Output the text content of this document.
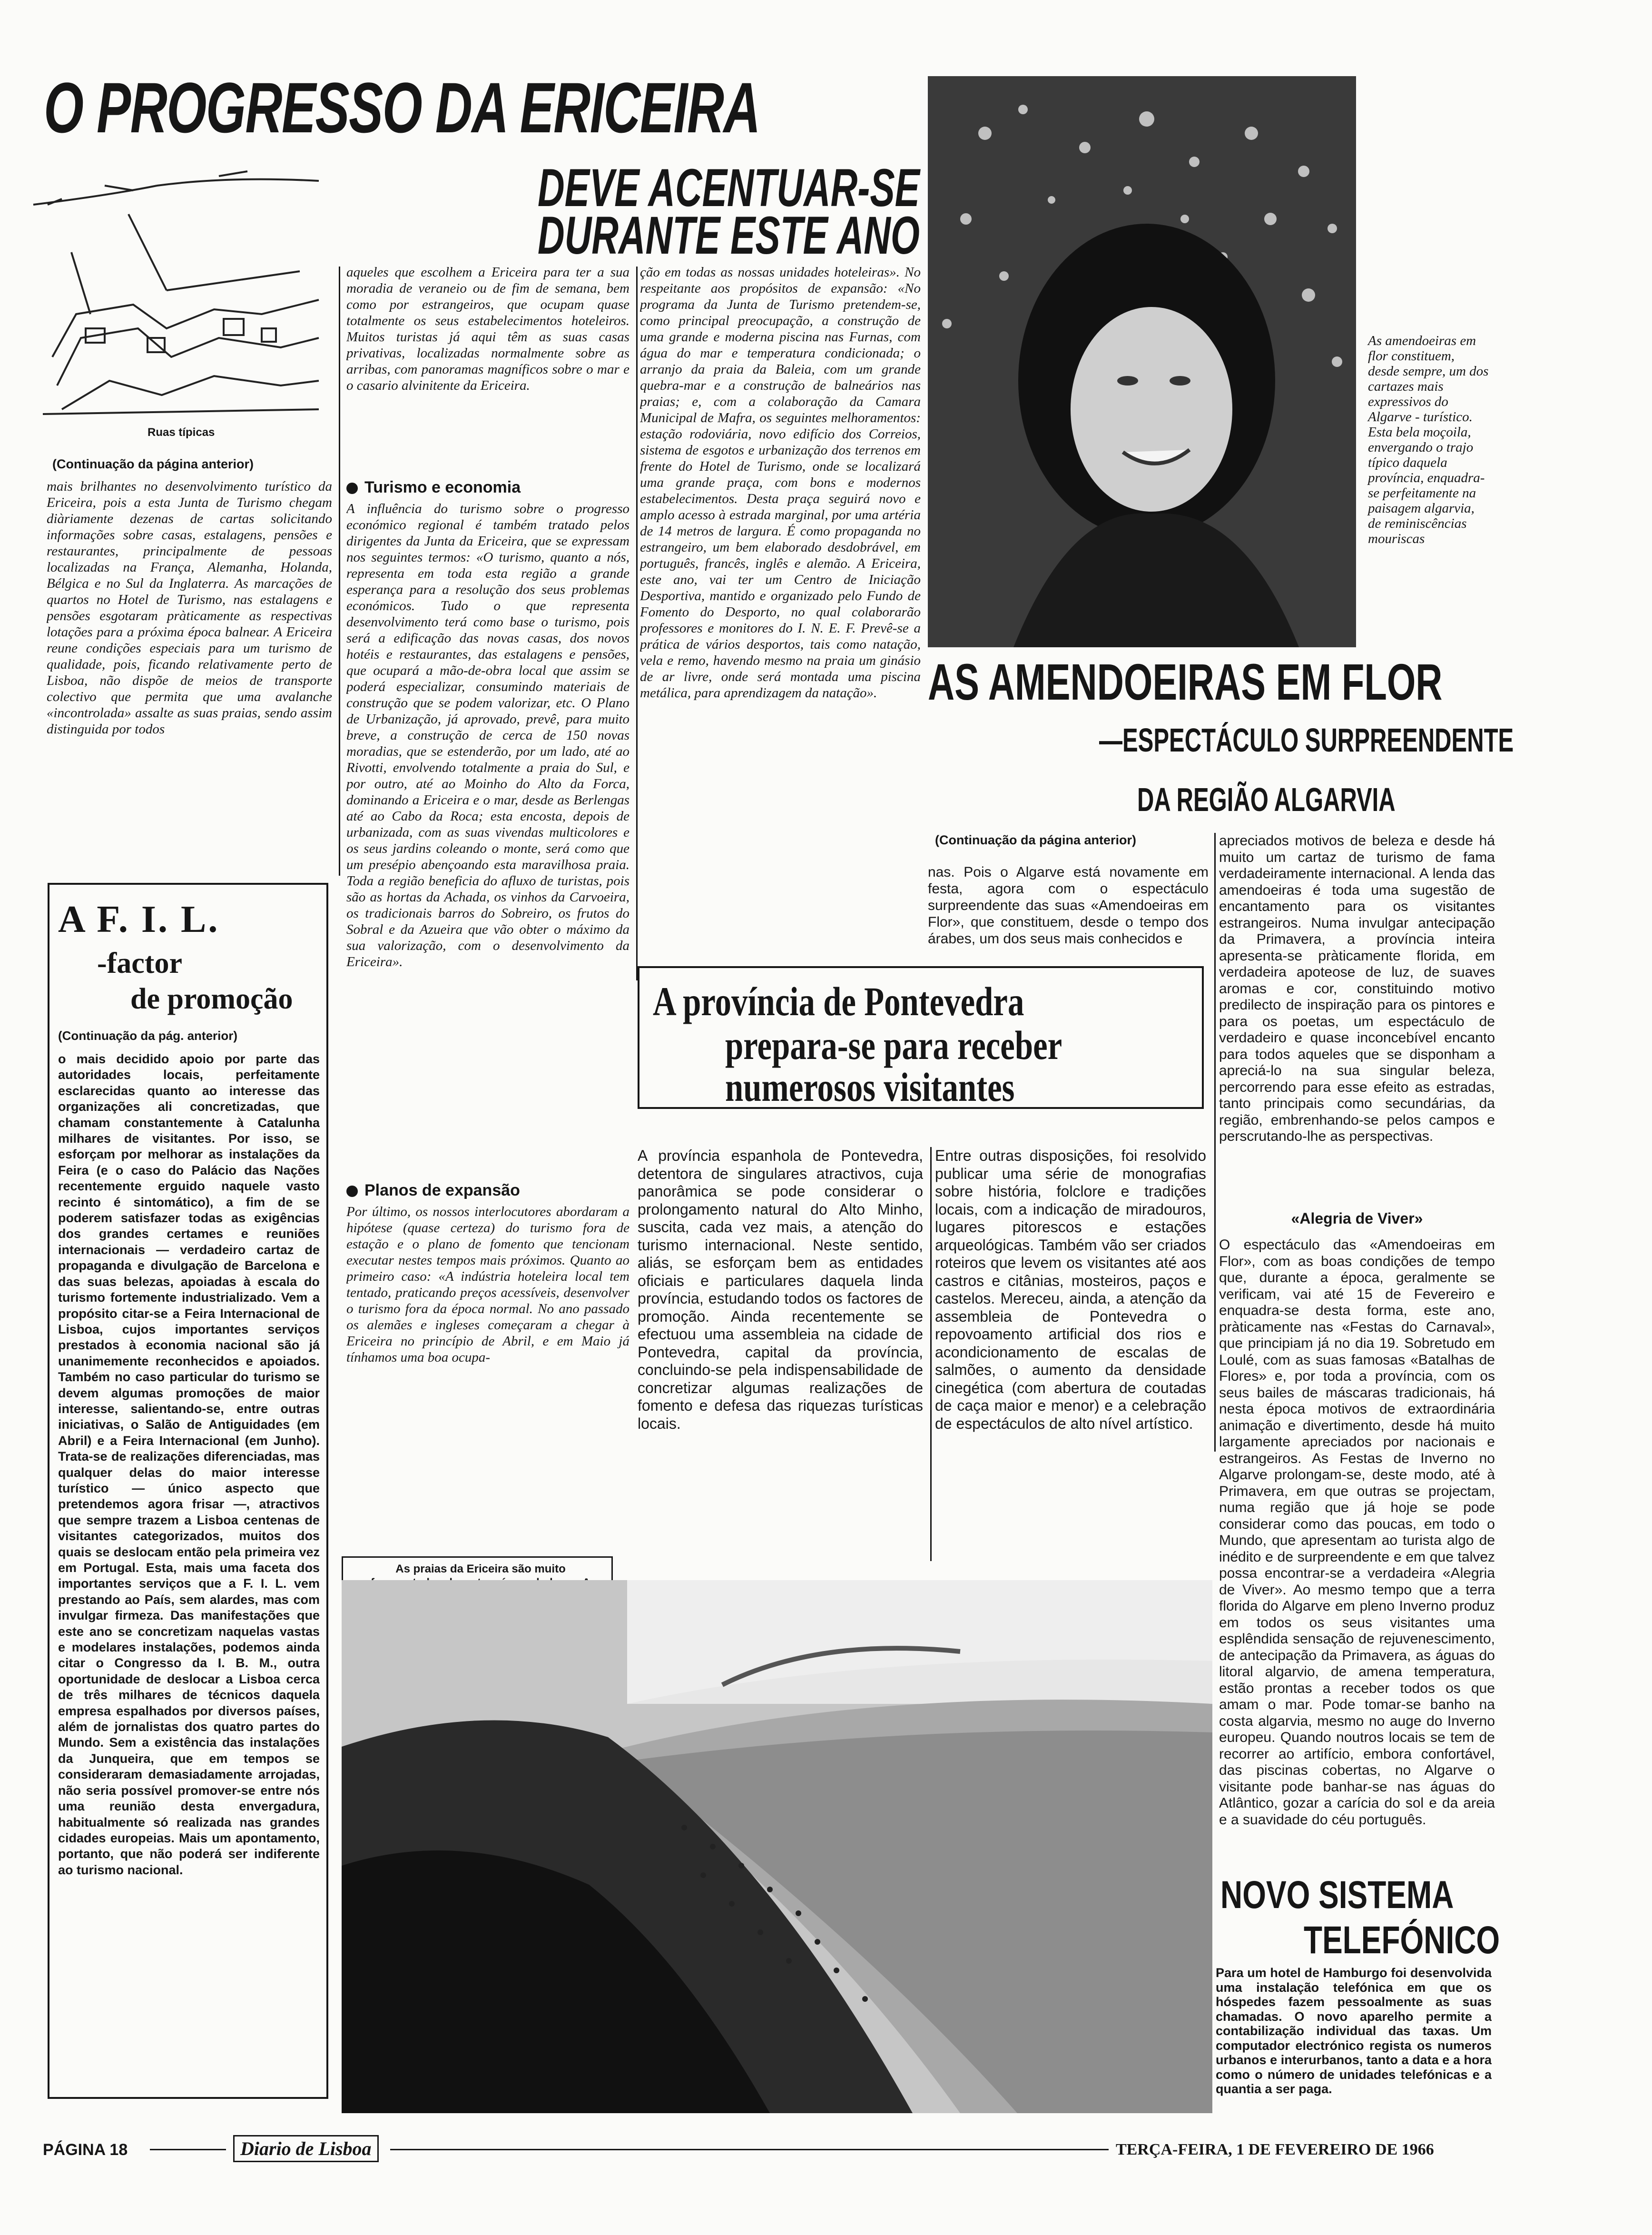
O PROGRESSO DA ERICEIRA
DEVE ACENTUAR-SE
DURANTE ESTE ANO
Ruas típicas
(Continuação da página anterior)
mais brilhantes no desenvolvimento turístico da Ericeira, pois a esta Junta de Turismo chegam diàriamente dezenas de cartas solicitando informações sobre casas, estalagens, pensões e restaurantes, principalmente de pessoas localizadas na França, Alemanha, Holanda, Bélgica e no Sul da Inglaterra. As marcações de quartos no Hotel de Turismo, nas estalagens e pensões esgotaram pràticamente as respectivas lotações para a próxima época balnear. A Ericeira reune condições especiais para um turismo de qualidade, pois, ficando relativamente perto de Lisboa, não dispõe de meios de transporte colectivo que permita que uma avalanche «incontrolada» assalte as suas praias, sendo assim distinguida por todos
aqueles que escolhem a Ericeira para ter a sua moradia de veraneio ou de fim de semana, bem como por estrangeiros, que ocupam quase totalmente os seus estabelecimentos hoteleiros. Muitos turistas já aqui têm as suas casas privativas, localizadas normalmente sobre as arribas, com panoramas magníficos sobre o mar e o casario alvinitente da Ericeira.
Turismo e economia
A influência do turismo sobre o progresso económico regional é também tratado pelos dirigentes da Junta da Ericeira, que se expressam nos seguintes termos: «O turismo, quanto a nós, representa em toda esta região a grande esperança para a resolução dos seus problemas económicos. Tudo o que representa desenvolvimento terá como base o turismo, pois será a edificação das novas casas, dos novos hotéis e restaurantes, das estalagens e pensões, que ocupará a mão-de-obra local que assim se poderá especializar, consumindo materiais de construção que se podem valorizar, etc. O Plano de Urbanização, já aprovado, prevê, para muito breve, a construção de cerca de 150 novas moradias, que se estenderão, por um lado, até ao Rivotti, envolvendo totalmente a praia do Sul, e por outro, até ao Moinho do Alto da Forca, dominando a Ericeira e o mar, desde as Berlengas até ao Cabo da Roca; esta encosta, depois de urbanizada, com as suas vivendas multicolores e os seus jardins coleando o monte, será como que um presépio abençoando esta maravilhosa praia. Toda a região beneficia do afluxo de turistas, pois são as hortas da Achada, os vinhos da Carvoeira, os tradicionais barros do Sobreiro, os frutos do Sobral e da Azueira que vão obter o máximo da sua valorização, com o desenvolvimento da Ericeira».
Planos de expansão
Por último, os nossos interlocutores abordaram a hipótese (quase certeza) do turismo fora de estação e o plano de fomento que tencionam executar nestes tempos mais próximos. Quanto ao primeiro caso: «A indústria hoteleira local tem tentado, praticando preços acessíveis, desenvolver o turismo fora da época normal. No ano passado os alemães e ingleses começaram a chegar à Ericeira no princípio de Abril, e em Maio já tínhamos uma boa ocupa-
ção em todas as nossas unidades hoteleiras». No respeitante aos propósitos de expansão: «No programa da Junta de Turismo pretendem-se, como principal preocupação, a construção de uma grande e moderna piscina nas Furnas, com água do mar e temperatura condicionada; o arranjo da praia da Baleia, com um grande quebra-mar e a construção de balneários nas praias; e, com a colaboração da Camara Municipal de Mafra, os seguintes melhoramentos: estação rodoviária, novo edifício dos Correios, sistema de esgotos e urbanização dos terrenos em frente do Hotel de Turismo, onde se localizará uma grande praça, com bons e modernos estabelecimentos. Desta praça seguirá novo e amplo acesso à estrada marginal, por uma artéria de 14 metros de largura. É como propaganda no estrangeiro, um bem elaborado desdobrável, em português, francês, inglês e alemão. A Ericeira, este ano, vai ter um Centro de Iniciação Desportiva, mantido e organizado pelo Fundo de Fomento do Desporto, no qual colaborarão professores e monitores do I. N. E. F. Prevê-se a prática de vários desportos, tais como natação, vela e remo, havendo mesmo na praia um ginásio de ar livre, onde será montada uma piscina metálica, para aprendizagem da natação».
A F. I. L.
-factor
de promoção
(Continuação da pág. anterior)
o mais decidido apoio por parte das autoridades locais, perfeitamente esclarecidas quanto ao interesse das organizações ali concretizadas, que chamam constantemente à Catalunha milhares de visitantes. Por isso, se esforçam por melhorar as instalações da Feira (e o caso do Palácio das Nações recentemente erguido naquele vasto recinto é sintomático), a fim de se poderem satisfazer todas as exigências dos grandes certames e reuniões internacionais — verdadeiro cartaz de propaganda e divulgação de Barcelona e das suas belezas, apoiadas à escala do turismo fortemente industrializado. Vem a propósito citar-se a Feira Internacional de Lisboa, cujos importantes serviços prestados à economia nacional são já unanimemente reconhecidos e apoiados. Também no caso particular do turismo se devem algumas promoções de maior interesse, salientando-se, entre outras iniciativas, o Salão de Antiguidades (em Abril) e a Feira Internacional (em Junho). Trata-se de realizações diferenciadas, mas qualquer delas do maior interesse turístico — único aspecto que pretendemos agora frisar —, atractivos que sempre trazem a Lisboa centenas de visitantes categorizados, muitos dos quais se deslocam então pela primeira vez em Portugal. Esta, mais uma faceta dos importantes serviços que a F. I. L. vem prestando ao País, sem alardes, mas com invulgar firmeza. Das manifestações que este ano se concretizam naquelas vastas e modelares instalações, podemos ainda citar o Congresso da I. B. M., outra oportunidade de deslocar a Lisboa cerca de três milhares de técnicos daquela empresa espalhados por diversos países, além de jornalistas dos quatro partes do Mundo. Sem a existência das instalações da Junqueira, que em tempos se consideraram demasiadamente arrojadas, não seria possível promover-se entre nós uma reunião desta envergadura, habitualmente só realizada nas grandes cidades europeias. Mais um apontamento, portanto, que não poderá ser indiferente ao turismo nacional.
As amendoeiras em flor constituem, desde sempre, um dos cartazes mais expressivos do Algarve - turístico. Esta bela moçoila, envergando o trajo típico daquela província, enquadra-se perfeitamente na paisagem algarvia, de reminiscências mouriscas
AS AMENDOEIRAS EM FLOR
—ESPECTÁCULO SURPREENDENTE
DA REGIÃO ALGARVIA
(Continuação da página anterior)
nas. Pois o Algarve está novamente em festa, agora com o espectáculo surpreendente das suas «Amendoeiras em Flor», que constituem, desde o tempo dos árabes, um dos seus mais conhecidos e
apreciados motivos de beleza e desde há muito um cartaz de turismo de fama verdadeiramente internacional. A lenda das amendoeiras é toda uma sugestão de encantamento para os visitantes estrangeiros. Numa invulgar antecipação da Primavera, a província inteira apresenta-se pràticamente florida, em verdadeira apoteose de luz, de suaves aromas e cor, constituindo motivo predilecto de inspiração para os pintores e para os poetas, um espectáculo de verdadeiro e quase inconcebível encanto para todos aqueles que se disponham a apreciá-lo na sua singular beleza, percorrendo para esse efeito as estradas, tanto principais como secundárias, da região, embrenhando-se pelos campos e perscrutando-lhe as perspectivas.
«Alegria de Viver»
O espectáculo das «Amendoeiras em Flor», com as boas condições de tempo que, durante a época, geralmente se verificam, vai até 15 de Fevereiro e enquadra-se desta forma, este ano, pràticamente nas «Festas do Carnaval», que principiam já no dia 19. Sobretudo em Loulé, com as suas famosas «Batalhas de Flores» e, por toda a província, com os seus bailes de máscaras tradicionais, há nesta época motivos de extraordinária animação e divertimento, desde há muito largamente apreciados por nacionais e estrangeiros. As Festas de Inverno no Algarve prolongam-se, deste modo, até à Primavera, em que outras se projectam, numa região que já hoje se pode considerar como das poucas, em todo o Mundo, que apresentam ao turista algo de inédito e de surpreendente e em que talvez possa encontrar-se a verdadeira «Alegria de Viver». Ao mesmo tempo que a terra florida do Algarve em pleno Inverno produz em todos os seus visitantes uma esplêndida sensação de rejuvenescimento, de antecipação da Primavera, as águas do litoral algarvio, de amena temperatura, estão prontas a receber todos os que amam o mar. Pode tomar-se banho na costa algarvia, mesmo no auge do Inverno europeu. Quando noutros locais se tem de recorrer ao artifício, embora confortável, das piscinas cobertas, no Algarve o visitante pode banhar-se nas águas do Atlântico, gozar a carícia do sol e da areia e a suavidade do céu português.
A província de Pontevedra
prepara-se para receber
numerosos visitantes
A província espanhola de Pontevedra, detentora de singulares atractivos, cuja panorâmica se pode considerar o prolongamento natural do Alto Minho, suscita, cada vez mais, a atenção do turismo internacional. Neste sentido, aliás, se esforçam bem as entidades oficiais e particulares daquela linda província, estudando todos os factores de promoção. Ainda recentemente se efectuou uma assembleia na cidade de Pontevedra, capital da província, concluindo-se pela indispensabilidade de concretizar algumas realizações de fomento e defesa das riquezas turísticas locais.
Entre outras disposições, foi resolvido publicar uma série de monografias sobre história, folclore e tradições locais, com a indicação de miradouros, lugares pitorescos e estações arqueológicas. Também vão ser criados roteiros que levem os visitantes até aos castros e citânias, mosteiros, paços e castelos. Mereceu, ainda, a atenção da assembleia de Pontevedra o repovoamento artificial dos rios e acondicionamento de escalas de salmões, o aumento da densidade cinegética (com abertura de coutadas de caça maior e menor) e a celebração de espectáculos de alto nível artístico.
As praias da Ericeira são muito
NOVO SISTEMA
TELEFÓNICO
Para um hotel de Hamburgo foi desenvolvida uma instalação telefónica em que os hóspedes fazem pessoalmente as suas chamadas. O novo aparelho permite a contabilização individual das taxas. Um computador electrónico regista os numeros urbanos e interurbanos, tanto a data e a hora como o número de unidades telefónicas e a quantia a ser paga.
PÁGINA 18	Diario de Lisboa	TERÇA-FEIRA, 1 DE FEVEREIRO DE 1966
